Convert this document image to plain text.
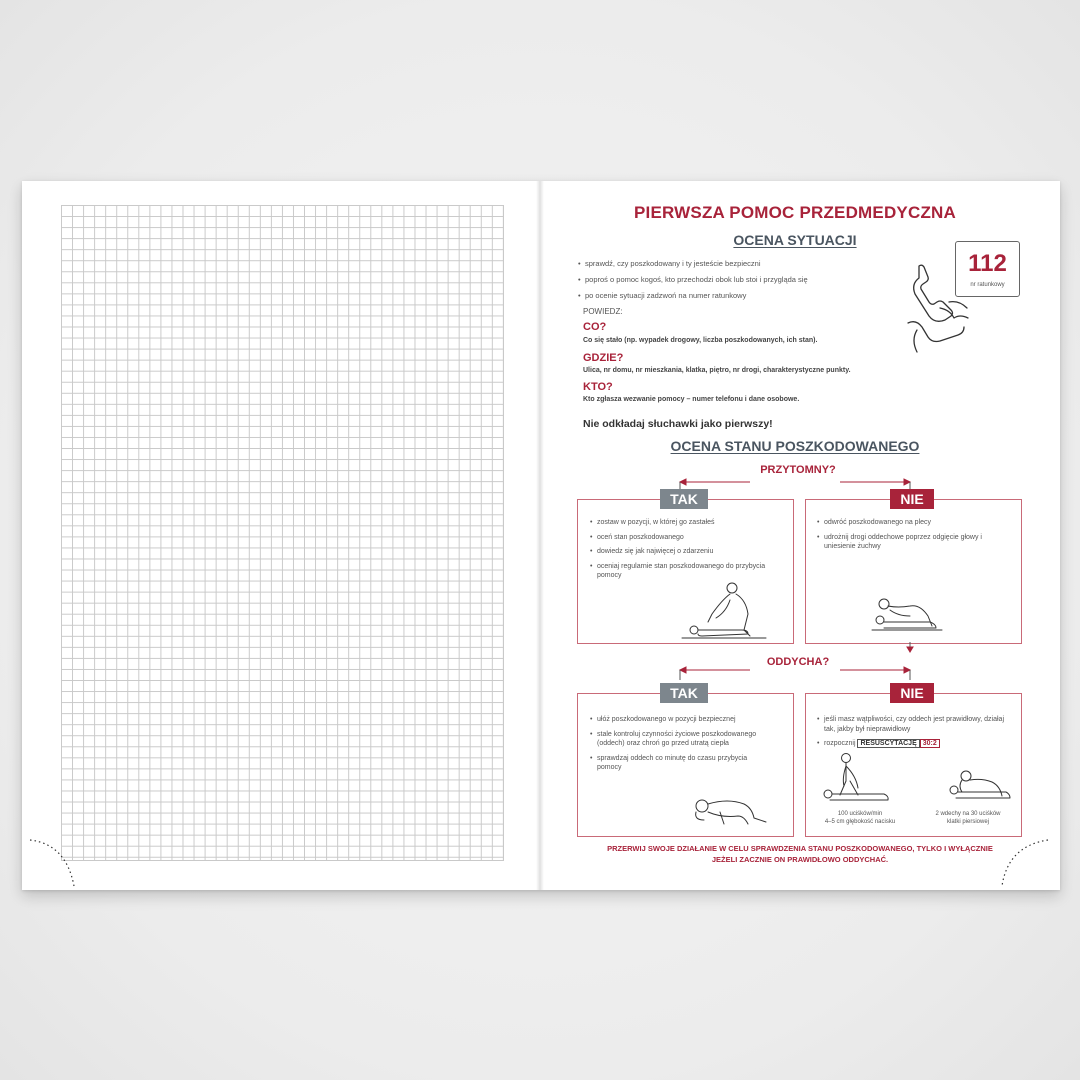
PIERWSZA POMOC PRZEDMEDYCZNA
OCENA SYTUACJI
• sprawdź, czy poszkodowany i ty jesteście bezpieczni
• poproś o pomoc kogoś, kto przechodzi obok lub stoi i przygląda się
• po ocenie sytuacji zadzwoń na numer ratunkowy
POWIEDZ:
CO?
Co się stało (np. wypadek drogowy, liczba poszkodowanych, ich stan).
GDZIE?
Ulica, nr domu, nr mieszkania, klatka, piętro, nr drogi, charakterystyczne punkty.
KTO?
Kto zgłasza wezwanie pomocy – numer telefonu i dane osobowe.
Nie odkładaj słuchawki jako pierwszy!
112
nr ratunkowy
OCENA STANU POSZKODOWANEGO
PRZYTOMNY?
TAK
• zostaw w pozycji, w której go zastałeś
• oceń stan poszkodowanego
• dowiedz się jak najwięcej o zdarzeniu
• oceniaj regularnie stan poszkodowanego do przybycia pomocy
NIE
• odwróć poszkodowanego na plecy
• udrożnij drogi oddechowe poprzez odgięcie głowy i uniesienie żuchwy
ODDYCHA?
TAK
• ułóż poszkodowanego w pozycji bezpiecznej
• stale kontroluj czynności życiowe poszkodowanego (oddech) oraz chroń go przed utratą ciepła
• sprawdzaj oddech co minutę do czasu przybycia pomocy
NIE
• jeśli masz wątpliwości, czy oddech jest prawidłowy, działaj tak, jakby był nieprawidłowy
• rozpocznij RESUSCYTACJĘ 30:2
100 uciśków/min
4–5 cm głębokość nacisku
2 wdechy na 30 uciśków
klatki piersiowej
PRZERWIJ SWOJE DZIAŁANIE W CELU SPRAWDZENIA STANU POSZKODOWANEGO, TYLKO I WYŁĄCZNIE
JEŻELI ZACZNIE ON PRAWIDŁOWO ODDYCHAĆ.
